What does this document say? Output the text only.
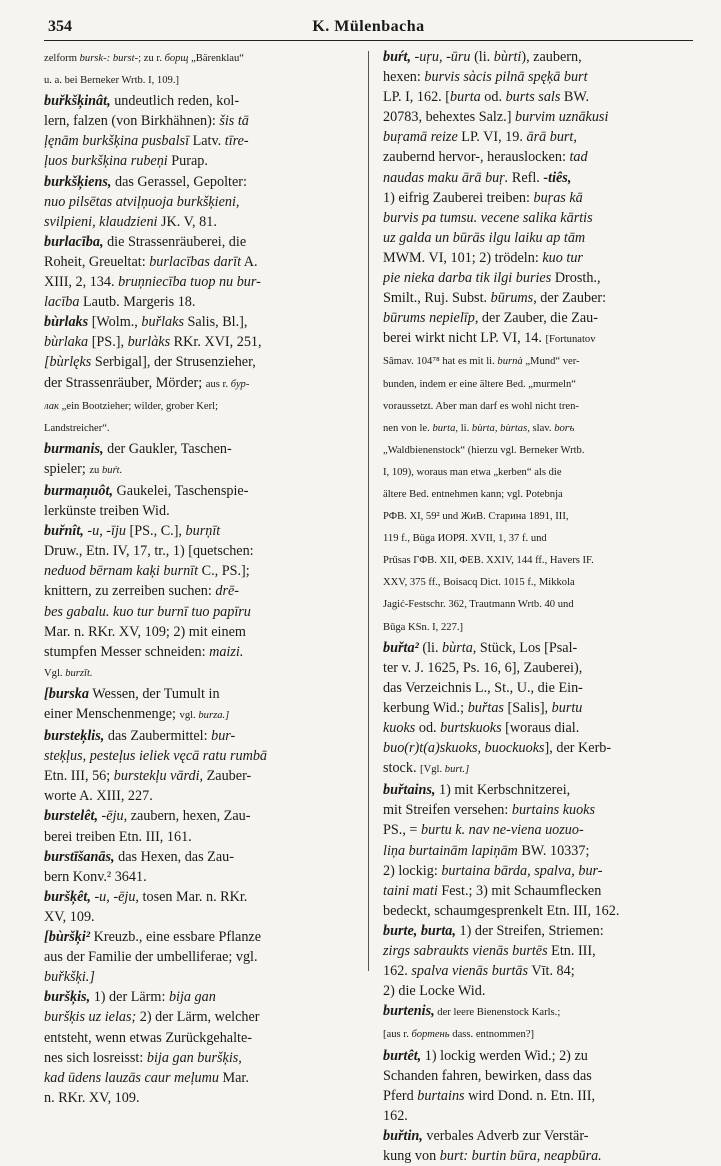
354	K. Mülenbacha
zelform bursk-: burst-; zu r. борщ „Bärenklau“
u. a. bei Berneker Wrtb. I, 109.]
buřkšķinât, undeutlich reden, kol-
lern, falzen (von Birkhähnen): šis tā
ļęnām burkšķina pusbalsī Latv. tīre-
ļuos burkšķina rubeņi Purap.
burkšķiens, das Gerassel, Gepolter:
nuo pilsētas atviļņuoja burkšķieni,
svilpieni, klaudzieni JK. V, 81.
burlacība, die Strassenräuberei, die
Roheit, Greueltat: burlacības darīt A.
XIII, 2, 134. bruņniecība tuop nu bur-
lacība Lautb. Margeris 18.
bùrlaks [Wolm., buřlaks Salis, Bl.],
bùrlaka [PS.], burlàks RKr. XVI, 251,
[bùrlęks Serbigal], der Strusenzieher,
der Strassenräuber, Mörder; aus r. бур-
лак „ein Bootzieher; wilder, grober Kerl;
Landstreicher“.
burmanis, der Gaukler, Taschen-
spieler; zu buŕt.
burmaņuôt, Gaukelei, Taschenspie-
lerkünste treiben Wid.
buřnît, -u, -īju [PS., C.], burņīt
Druw., Etn. IV, 17, tr., 1) [quetschen:
neduod bērnam kaķi burnīt C., PS.];
knittern, zu zerreiben suchen: drē-
bes gabalu. kuo tur burnī tuo papīru
Mar. n. RKr. XV, 109; 2) mit einem
stumpfen Messer schneiden: maizi.
Vgl. burzīt.
[burska Wessen, der Tumult in
einer Menschenmenge; vgl. burza.]
bursteķlis, das Zaubermittel: bur-
steķļus, pesteļus ieliek vęcā ratu rumbā
Etn. III, 56; burstekļu vārdi, Zauber-
worte A. XIII, 227.
burstelêt, -ēju, zaubern, hexen, Zau-
berei treiben Etn. III, 161.
burstīšanās, das Hexen, das Zau-
bern Konv.² 3641.
buršķêt, -u, -ēju, tosen Mar. n. RKr.
XV, 109.
[bùršķi² Kreuzb., eine essbare Pflanze
aus der Familie der umbelliferae; vgl.
buřkšķi.]
buršķis, 1) der Lärm: bija gan
buršķis uz ielas; 2) der Lärm, welcher
entsteht, wenn etwas Zurückgehalte-
nes sich losreisst: bija gan buršķis,
kad ūdens lauzās caur meļumu Mar.
n. RKr. XV, 109.
buŕt, -uŗu, -ūru (li. bùrti), zaubern,
hexen: burvis sàcis pilnā spęķā burt
LP. I, 162. [burta od. burts sals BW.
20783, behextes Salz.] burvim uznākusi
buŗamā reize LP. VI, 19. ārā burt,
zaubernd hervor-, herauslocken: tad
naudas maku ārā buŗ. Refl. -tiês,
1) eifrig Zauberei treiben: buŗas kā
burvis pa tumsu. vecene salika kārtis
uz galda un būrās ilgu laiku ap tām
MWM. VI, 101; 2) trödeln: kuo tur
pie nieka darba tik ilgi buries Drosth.,
Smilt., Ruj. Subst. būrums, der Zauber:
būrums nepielīp, der Zauber, die Zau-
berei wirkt nicht LP. VI, 14. [Fortunatov
Sâmav. 104⁷⁸ hat es mit li. burnà „Mund“ ver-
bunden, indem er eine ältere Bed. „murmeln“
voraussetzt. Aber man darf es wohl nicht tren-
nen von le. burta, li. bùrta, bùrtas, slav. borъ
„Waldbienenstock“ (hierzu vgl. Berneker Wrtb.
I, 109), woraus man etwa „kerben“ als die
ältere Bed. entnehmen kann; vgl. Potebnja
РФВ. XI, 59² und ЖиВ. Старина 1891, III,
119 f., Büga ИОРЯ. XVII, 1, 37 f. und
Prűsas ΓΦΒ. XII, ΦΕΒ. XXIV, 144 ff., Havers IF.
XXV, 375 ff., Boisacq Dict. 1015 f., Mikkola
Jagić-Festschr. 362, Trautmann Wrtb. 40 und
Būga KSn. I, 227.]
buřta² (li. bùrta, Stück, Los [Psal-
ter v. J. 1625, Ps. 16, 6], Zauberei),
das Verzeichnis L., St., U., die Ein-
kerbung Wid.; buřtas [Salis], burtu
kuoks od. burtskuoks [woraus dial.
buo(r)t(a)skuoks, buockuoks], der Kerb-
stock. [Vgl. burt.]
buřtains, 1) mit Kerbschnitzerei,
mit Streifen versehen: burtains kuoks
PS., = burtu k. nav ne-viena uozuo-
liņa burtainām lapiņām BW. 10337;
2) lockig: burtaina bārda, spalva, bur-
taini mati Fest.; 3) mit Schaumflecken
bedeckt, schaumgesprenkelt Etn. III, 162.
burte, burta, 1) der Streifen, Striemen:
zirgs sabraukts vienās burtēs Etn. III,
162. spalva vienās burtās Vīt. 84;
2) die Locke Wid.
burtenis, der leere Bienenstock Karls.;
[aus r. бортень dass. entnommen?]
burtêt, 1) lockig werden Wid.; 2) zu
Schanden fahren, bewirken, dass das
Pferd burtains wird Dond. n. Etn. III,
162.
buřtin, verbales Adverb zur Verstär-
kung von burt: burtin būra, neapbūra.
